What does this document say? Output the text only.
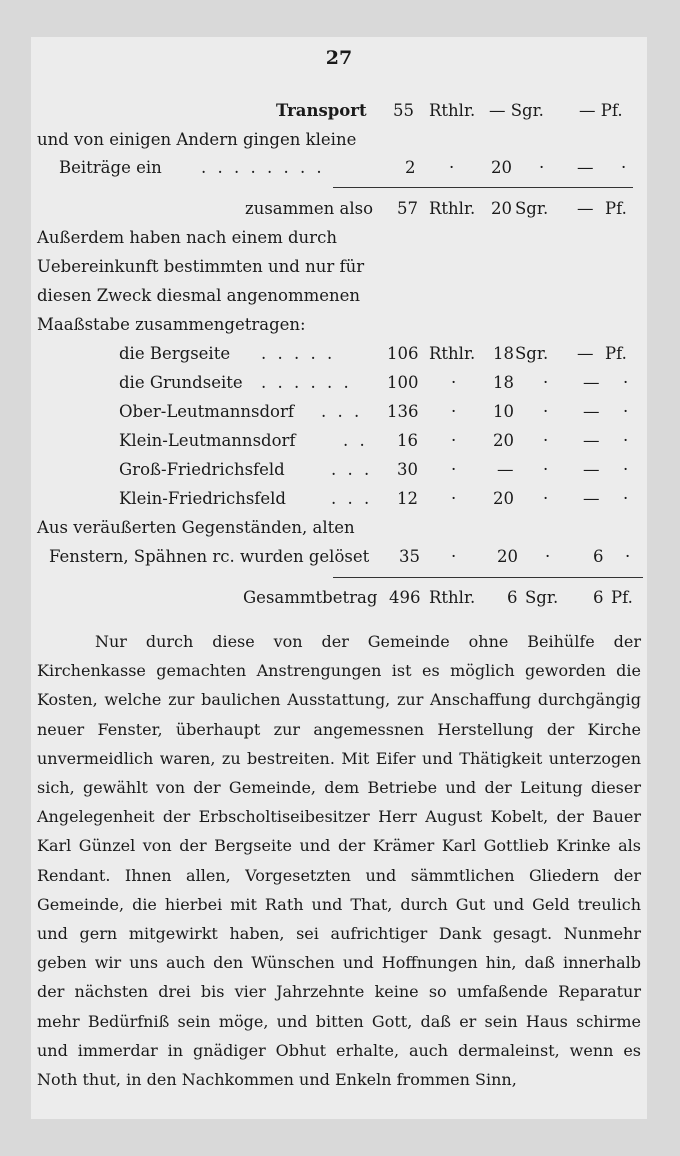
27
Transport 55 Rthlr. — Sgr. — Pf.
und von einigen Andern gingen kleine
Beiträge ein . . . . . . . .	2 · 20 · — ·
zusammen also 57 Rthlr. 20 Sgr. — Pf.
Außerdem haben nach einem durch
Uebereinkunft bestimmten und nur für
diesen Zweck diesmal angenommenen
Maaßstabe zusammengetragen:
die Bergseite . . . . .	106 Rthlr. 18 Sgr. — Pf.
die Grundseite . . . . . . 100 · 18 · — ·
Ober-Leutmannsdorf . . . 136 · 10 · — ·
Klein-Leutmannsdorf	. . 16 · 20 · — ·
Groß-Friedrichsfeld	. . . 30 · — · — ·
Klein-Friedrichsfeld	. . . 12 · 20 · — ·
Aus veräußerten Gegenständen, alten
Fenstern, Spähnen rc. wurden gelöset 35 · 20 ·	6 ·
Gesammtbetrag 496 Rthlr. 6 Sgr. 6 Pf.
Nur durch diese von der Gemeinde ohne Beihülfe der Kirchenkasse gemachten Anstrengungen ist es möglich geworden die Kosten, welche zur baulichen Ausstattung, zur Anschaffung durchgängig neuer Fenster, überhaupt zur angemessnen Herstellung der Kirche unvermeidlich waren, zu bestreiten. Mit Eifer und Thätigkeit unterzogen sich, gewählt von der Gemeinde, dem Betriebe und der Leitung dieser Angelegenheit der Erbscholtiseibesitzer Herr August Kobelt, der Bauer Karl Günzel von der Bergseite und der Krämer Karl Gottlieb Krinke als Rendant. Ihnen allen, Vorgesetzten und sämmtlichen Gliedern der Gemeinde, die hierbei mit Rath und That, durch Gut und Geld treulich und gern mitgewirkt haben, sei aufrichtiger Dank gesagt. Nunmehr geben wir uns auch den Wünschen und Hoffnungen hin, daß innerhalb der nächsten drei bis vier Jahrzehnte keine so umfaßende Reparatur mehr Bedürfniß sein möge, und bitten Gott, daß er sein Haus schirme und immerdar in gnädiger Obhut erhalte, auch dermaleinst, wenn es Noth thut, in den Nachkommen und Enkeln frommen Sinn,
